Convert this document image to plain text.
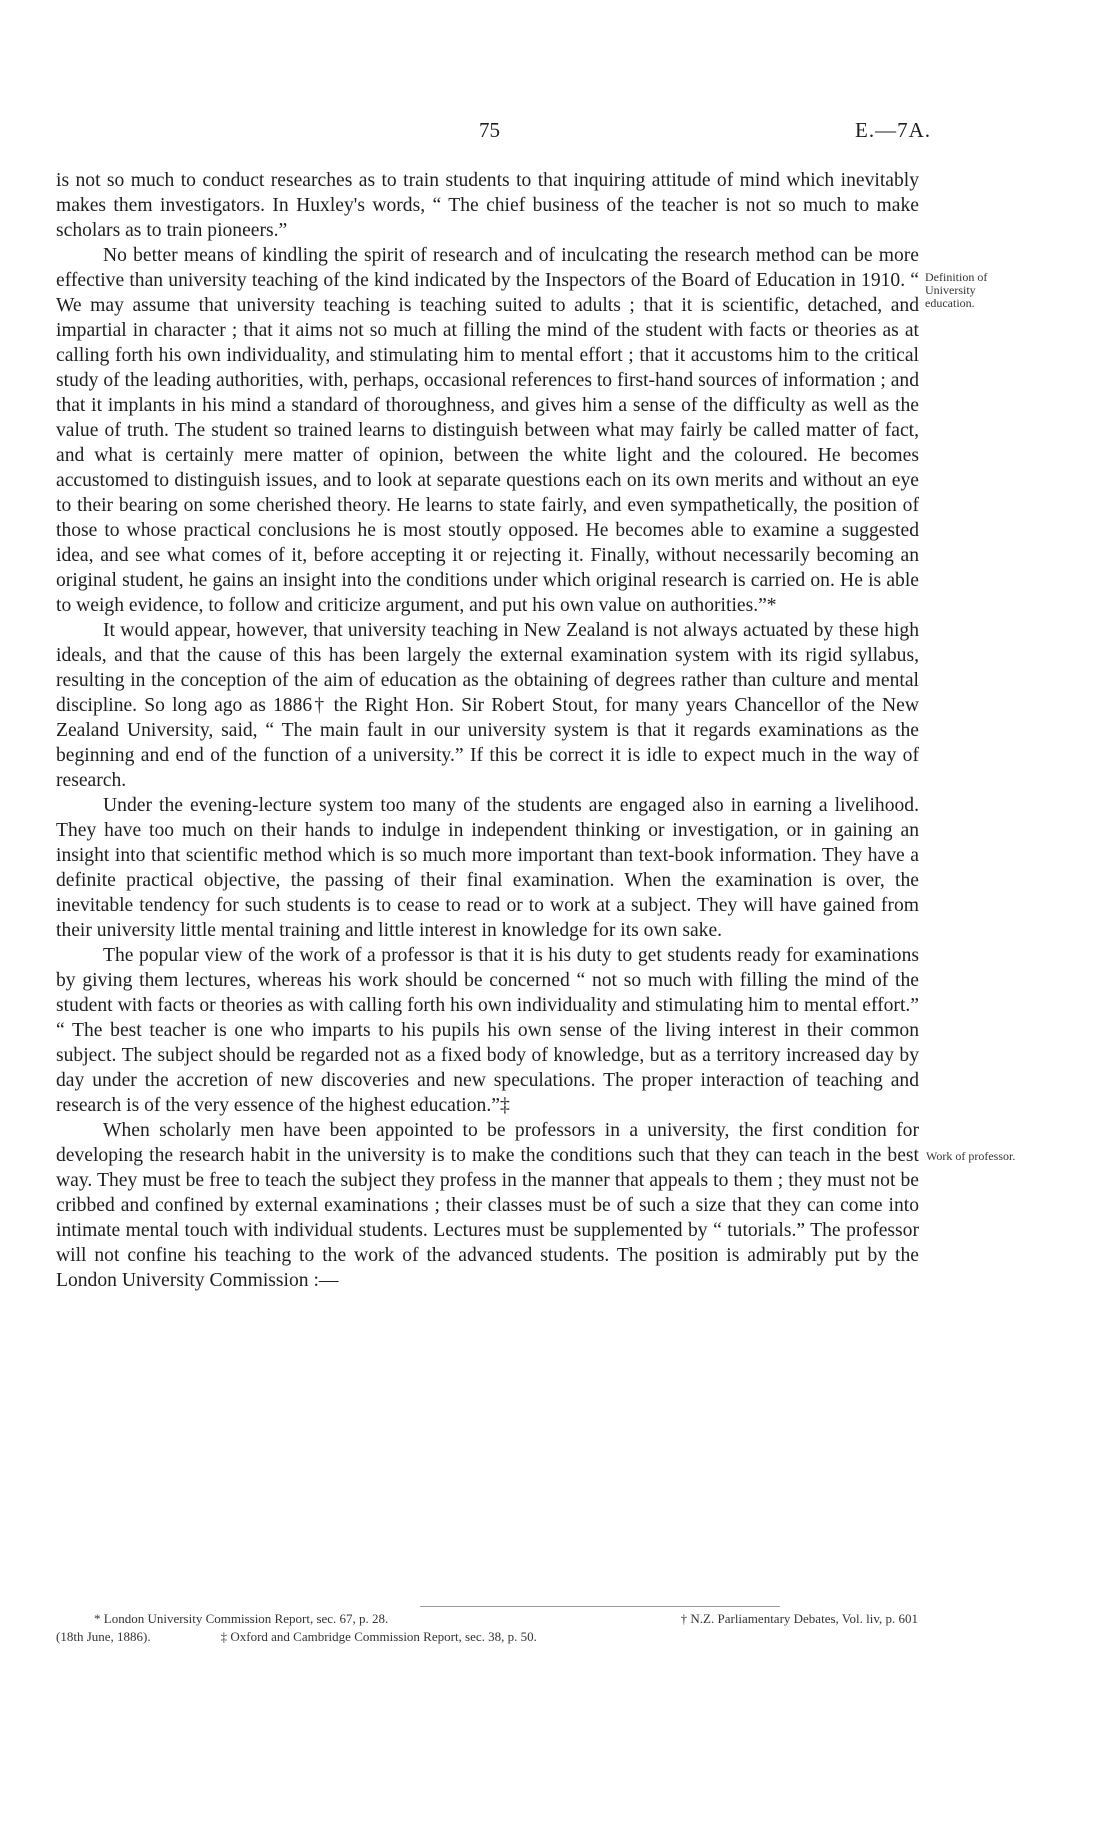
75	E.—7A.

is not so much to conduct researches as to train students to that inquiring attitude of mind which inevitably makes them investigators. In Huxley's words, “ The chief business of the teacher is not so much to make scholars as to train pioneers.”

No better means of kindling the spirit of research and of inculcating the research method can be more effective than university teaching of the kind indicated by the Inspectors of the Board of Education in 1910. “ We may assume that university teaching is teaching suited to adults ; that it is scientific, detached, and impartial in character ; that it aims not so much at filling the mind of the student with facts or theories as at calling forth his own individuality, and stimulating him to mental effort ; that it accustoms him to the critical study of the leading authorities, with, perhaps, occasional references to first-hand sources of information ; and that it implants in his mind a standard of thoroughness, and gives him a sense of the difficulty as well as the value of truth. The student so trained learns to distinguish between what may fairly be called matter of fact, and what is certainly mere matter of opinion, between the white light and the coloured. He becomes accustomed to distinguish issues, and to look at separate questions each on its own merits and without an eye to their bearing on some cherished theory. He learns to state fairly, and even sympathetically, the position of those to whose practical conclusions he is most stoutly opposed. He becomes able to examine a suggested idea, and see what comes of it, before accepting it or rejecting it. Finally, without necessarily becoming an original student, he gains an insight into the conditions under which original research is carried on. He is able to weigh evidence, to follow and criticize argument, and put his own value on authorities.”*

It would appear, however, that university teaching in New Zealand is not always actuated by these high ideals, and that the cause of this has been largely the external examination system with its rigid syllabus, resulting in the conception of the aim of education as the obtaining of degrees rather than culture and mental discipline. So long ago as 1886† the Right Hon. Sir Robert Stout, for many years Chancellor of the New Zealand University, said, “ The main fault in our university system is that it regards examinations as the beginning and end of the function of a university.” If this be correct it is idle to expect much in the way of research.

Under the evening-lecture system too many of the students are engaged also in earning a livelihood. They have too much on their hands to indulge in independent thinking or investigation, or in gaining an insight into that scientific method which is so much more important than text-book information. They have a definite practical objective, the passing of their final examination. When the examination is over, the inevitable tendency for such students is to cease to read or to work at a subject. They will have gained from their university little mental training and little interest in knowledge for its own sake.

The popular view of the work of a professor is that it is his duty to get students ready for examinations by giving them lectures, whereas his work should be concerned “ not so much with filling the mind of the student with facts or theories as with calling forth his own individuality and stimulating him to mental effort.” “ The best teacher is one who imparts to his pupils his own sense of the living interest in their common subject. The subject should be regarded not as a fixed body of knowledge, but as a territory increased day by day under the accretion of new discoveries and new speculations. The proper interaction of teaching and research is of the very essence of the highest education.”‡

When scholarly men have been appointed to be professors in a university, the first condition for developing the research habit in the university is to make the conditions such that they can teach in the best way. They must be free to teach the subject they profess in the manner that appeals to them ; they must not be cribbed and confined by external examinations ; their classes must be of such a size that they can come into intimate mental touch with individual students. Lectures must be supplemented by “ tutorials.” The professor will not confine his teaching to the work of the advanced students. The position is admirably put by the London University Commission :—

Definition of University education.
Work of professor.
* London University Commission Report, sec. 67, p. 28.	† N.Z. Parliamentary Debates, Vol. liv, p. 601
(18th June, 1886).	‡ Oxford and Cambridge Commission Report, sec. 38, p. 50.
